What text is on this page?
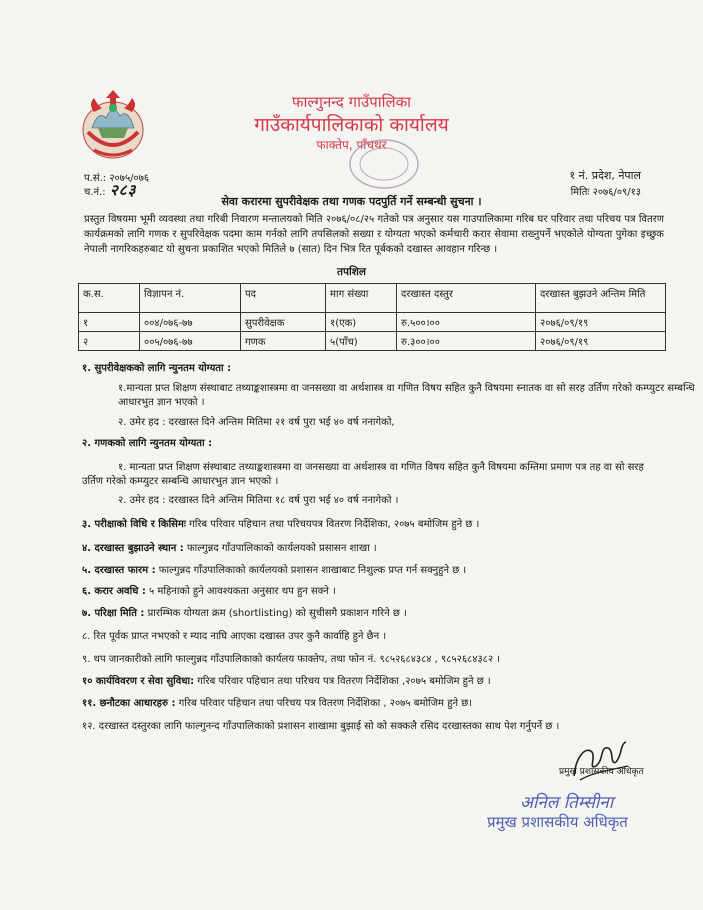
फाल्गुनन्द गाउँपालिका
गाउँकार्यपालिकाको कार्यालय
फाक्तेप, पाँचथर
प.सं.: २०७५/०७६
च.नं.: २८३
१ नं. प्रदेश, नेपाल
मितिः २०७६/०९/१३
सेवा करारमा सुपरीवेक्षक तथा गणक पदपुर्ति गर्ने सम्बन्धी सुचना ।
प्रस्तुत विषयमा भूमी व्यवस्था तथा गरिबी निवारण मन्तालयको मिति २०७६/०८/२५ गतेको पत्र अनुसार यस गाउपालिकामा गरिब घर परिवार तथा परिचय पत्र वितरण कार्यक्रमको लागि गणक र सुपरिवेक्षक पदमा काम गर्नको लागि तपसिलको सख्या र योग्यता भएको कर्मचारी करार सेवामा राख्नुपर्ने भएकोले योग्यता पुगेका इच्छुक नेपाली नागरिकहरुबाट यो सुचना प्रकाशित भएको मितिले ७ (सात) दिन भित्र रित पूर्बकको दखास्त आवहान गरिन्छ ।
तपशिल
क.स.	विज्ञापन नं.	पद	माग संख्या	दरखास्त दस्तुर	दरखास्त बुझउने अन्तिम मिति
१	००४/०७६-७७	सुपरीवेक्षक	१(एक)	रु.५००।००	२०७६/०९/१९
२	००५/०७६-७७	गणक	५(पाँच)	रु.३००।००	२०७६/०९/१९
१. सुपरीवेक्षकको लागि न्युनतम योग्यता :
१.मान्यता प्रप्त शिक्षण संस्थाबाट तथ्याङ्कशास्त्रमा वा जनसख्या वा अर्थशास्त्र वा गणित विषय सहित कुनै विषयमा स्नातक वा सो सरह उर्तिण गरेको कम्प्युटर सम्बन्धि आधारभुत ज्ञान भएको ।
२. उमेर हद : दरखास्त दिने अन्तिम मितिमा २१ वर्ष पुरा भई ४० वर्ष ननागेको,
२. गणकको लागि न्युनतम योग्यता :
१. मान्यता प्रप्त शिक्षण संस्थाबाट तथ्याङ्कशास्त्रमा वा जनसख्या वा अर्थशास्त्र वा गणित विषय सहित कुनै विषयमा कम्तिमा प्रमाण पत्र तह वा सो सरह उर्तिण गरेको कम्प्युटर सम्बन्धि आधारभुत ज्ञान भएको ।
२. उमेर हद : दरखास्त दिने अन्तिम मितिमा १८ वर्ष पुरा भई ४० वर्ष ननागेको ।
३. परीक्षाको विधि र किसिमः गरिब परिवार पहिचान तथा परिचयपत्र वितरण निर्देशिका, २०७५ बमोजिम हुने छ ।
४. दरखास्त बुझाउने स्थान : फाल्गुन्नद गाँउपालिकाको कार्यलयको प्रसासन शाखा ।
५. दरखास्त फारम : फाल्गुन्नद गाँउपालिकाको कार्यलयको प्रशासन शाखाबाट निशुल्क प्रप्त गर्न सक्नुहुने छ ।
६. करार अवधि : ५ महिनाको हुने आवश्यकता अनुसार थप हुन सक्ने ।
७. परिक्षा मिति : प्रारम्भिक योग्यता क्रम (shortlisting) को सुचीसगै प्रकाशन गरिने छ ।
८. रित पूर्वक प्राप्त नभएको र म्याद नाघि आएका दखास्त उपर कुनै कार्वाहि हुने छैन ।
९. थप जानकारीको लागि फाल्गुन्नद गाँउपालिकाको कार्यलय फाक्तेप, तथा फोन नं. ९८५२६८४३८४ , ९८५२६८४३८२ ।
१० कार्यविवरण र सेवा सुविधा: गरिब परिवार पहिचान तथा परिचय पत्र वितरण निर्देशिका ,२०७५ बमोजिम हुने छ ।
११. छनौटका आधारहरु : गरिब परिवार पहिचान तथा परिचय पत्र वितरण निर्देशिका , २०७५ बमोजिम हुने छ।
१२. दरखास्त दस्तुरका लागि फाल्गुनन्द गाँउपालिकाको प्रशासन शाखामा बुझाई सो को सक्कलै रसिद दरखास्तका साथ पेश गर्नुपर्ने छ ।
प्रमुख प्रशासकीय अधिकृत
अनिल तिम्सीना
प्रमुख प्रशासकीय अधिकृत
